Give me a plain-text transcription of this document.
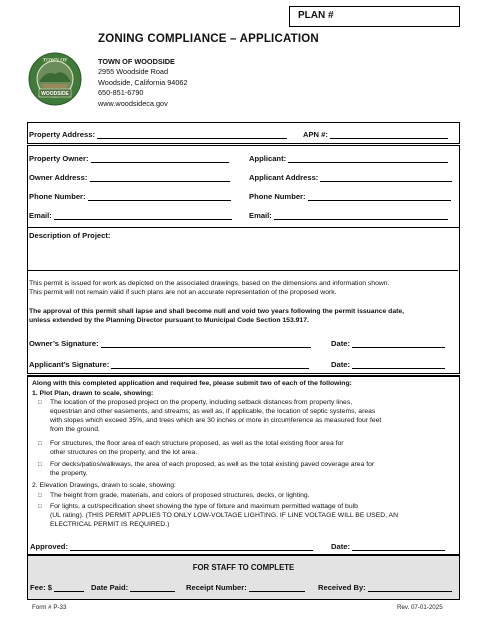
PLAN #
ZONING COMPLIANCE – APPLICATION
WOODSIDE
TOWN OF	TOWN OF WOODSIDE
2955 Woodside Road
Woodside, California 94062
650-851-6790
www.woodsideca.gov
Property Address:	APN #:
Property Owner:	Applicant:
Owner Address:	Applicant Address:
Phone Number:	Phone Number:
Email:	Email:
Description of Project:
This permit is issued for work as depicted on the associated drawings, based on the dimensions and information shown.
This permit will not remain valid if such plans are not an accurate representation of the proposed work.
The approval of this permit shall lapse and shall become null and void two years following the permit issuance date,
unless extended by the Planning Director pursuant to Municipal Code Section 153.917.
Owner’s Signature:	Date:
Applicant’s Signature:	Date:
Along with this completed application and required fee, please submit two of each of the following:
1. Plot Plan, drawn to scale, showing:
□ The location of the proposed project on the property, including setback distances from property lines,
equestrian and other easements, and streams; as well as, if applicable, the location of septic systems, areas
with slopes which exceed 35%, and trees which are 30 inches or more in circumference as measured four feet
from the ground.
□ For structures, the floor area of each structure proposed, as well as the total existing floor area for
other structures on the property, and the lot area.
□ For decks/patios/walkways, the area of each proposed, as well as the total existing paved coverage area for
the property.
2. Elevation Drawings, drawn to scale, showing:
□ The height from grade, materials, and colors of proposed structures, decks, or lighting.
□ For lights, a cut/specification sheet showing the type of fixture and maximum permitted wattage of bulb
(UL rating). (THIS PERMIT APPLIES TO ONLY LOW-VOLTAGE LIGHTING. IF LINE VOLTAGE WILL BE USED, AN
ELECTRICAL PERMIT IS REQUIRED.)
Approved:	Date:
FOR STAFF TO COMPLETE
Fee: $	Date Paid:	Receipt Number:	Received By:
Form # P-33	Rev. 07-01-2025
